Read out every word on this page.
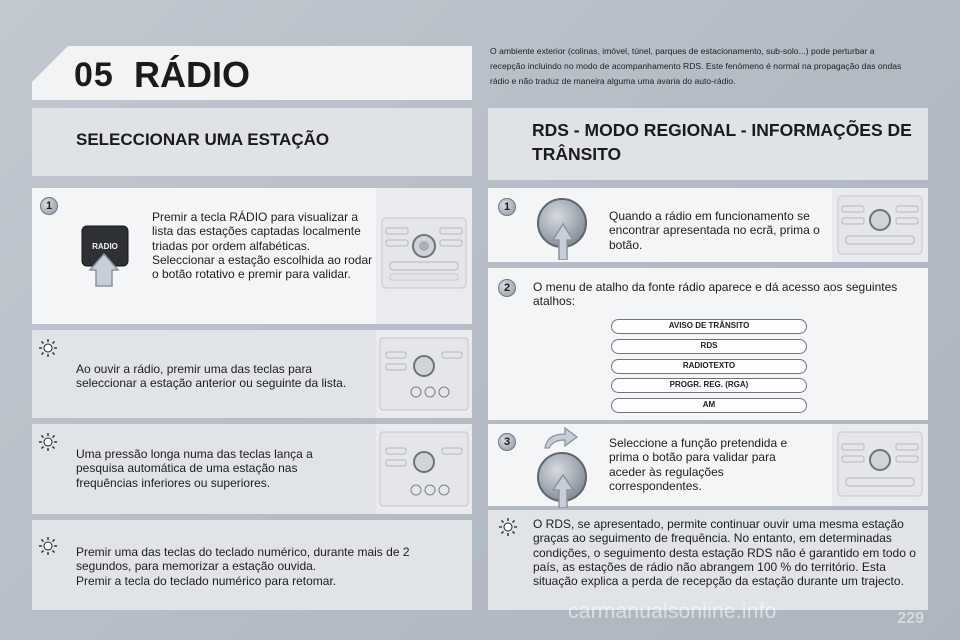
05 RÁDIO
O ambiente exterior (colinas, imóvel, túnel, parques de estacionamento, sub-solo...) pode perturbar a recepção incluindo no modo de acompanhamento RDS. Este fenómeno é normal na propagação das ondas rádio e não traduz de maneira alguma uma avaria do auto-rádio.
SELECCIONAR UMA ESTAÇÃO	RDS - MODO REGIONAL - INFORMAÇÕES DE TRÂNSITO
1
RADIO
Premir a tecla RÁDIO para visualizar a lista das estações captadas localmente triadas por ordem alfabéticas.
Seleccionar a estação escolhida ao rodar o botão rotativo e premir para validar.
Ao ouvir a rádio, premir uma das teclas para seleccionar a estação anterior ou seguinte da lista.
Uma pressão longa numa das teclas lança a pesquisa automática de uma estação nas frequências inferiores ou superiores.
Premir uma das teclas do teclado numérico, durante mais de 2 segundos, para memorizar a estação ouvida.
Premir a tecla do teclado numérico para retomar.
1
Quando a rádio em funcionamento se encontrar apresentada no ecrã, prima o botão.
2	O menu de atalho da fonte rádio aparece e dá acesso aos seguintes atalhos:
AVISO DE TRÂNSITO
RDS
RADIOTEXTO
PROGR. REG. (RGA)
AM
3	Seleccione a função pretendida e prima o botão para validar para aceder às regulações correspondentes.
O RDS, se apresentado, permite continuar ouvir uma mesma estação graças ao seguimento de frequência. No entanto, em determinadas condições, o seguimento desta estação RDS não é garantido em todo o país, as estações de rádio não abrangem 100 % do território. Esta situação explica a perda de recepção da estação durante um trajecto.
229
carmanualsonline.info
